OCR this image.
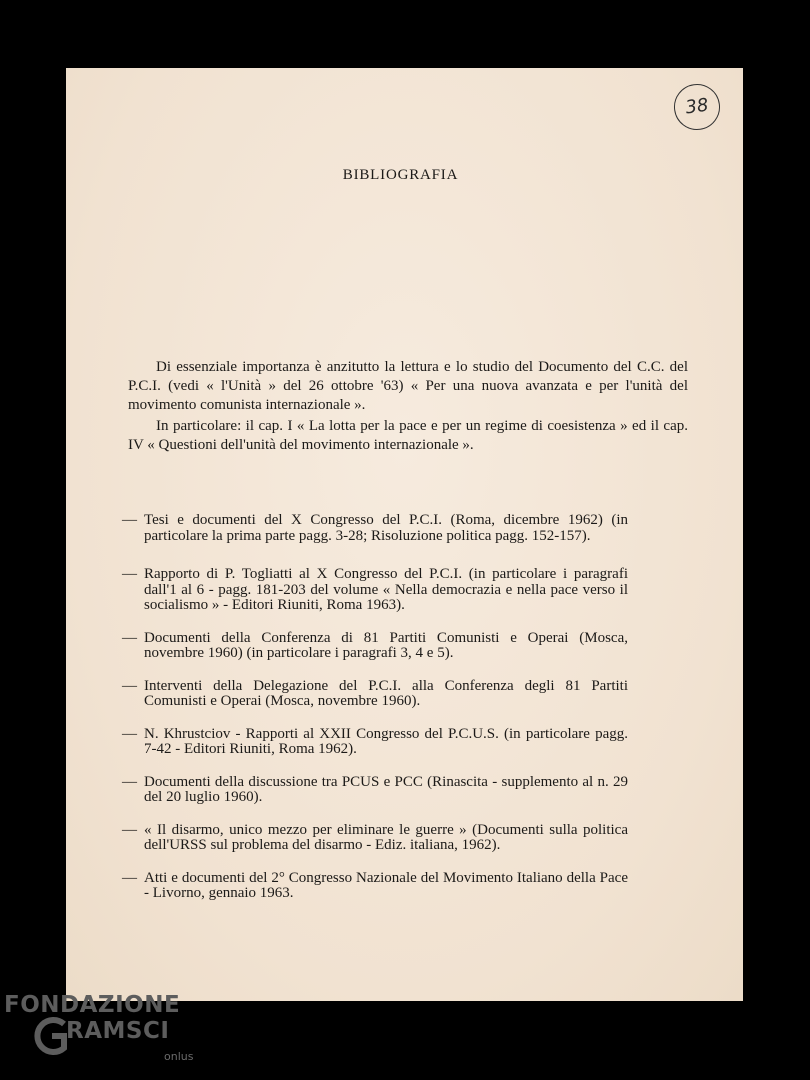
38
BIBLIOGRAFIA

Di essenziale importanza è anzitutto la lettura e lo studio del Documento del C.C. del P.C.I. (vedi « l'Unità » del 26 ottobre '63) « Per una nuova avanzata e per l'unità del movimento comunista internazionale ».

In particolare: il cap. I « La lotta per la pace e per un regime di coesistenza » ed il cap. IV « Questioni dell'unità del movimento internazionale ».

— Tesi e documenti del X Congresso del P.C.I. (Roma, dicembre 1962) (in particolare la prima parte pagg. 3-28; Risoluzione politica pagg. 152-157).
— Rapporto di P. Togliatti al X Congresso del P.C.I. (in particolare i paragrafi dall'1 al 6 - pagg. 181-203 del volume « Nella democrazia e nella pace verso il socialismo » - Editori Riuniti, Roma 1963).
— Documenti della Conferenza di 81 Partiti Comunisti e Operai (Mosca, novembre 1960) (in particolare i paragrafi 3, 4 e 5).
— Interventi della Delegazione del P.C.I. alla Conferenza degli 81 Partiti Comunisti e Operai (Mosca, novembre 1960).
— N. Khrustciov - Rapporti al XXII Congresso del P.C.U.S. (in particolare pagg. 7-42 - Editori Riuniti, Roma 1962).
— Documenti della discussione tra PCUS e PCC (Rinascita - supplemento al n. 29 del 20 luglio 1960).
— « Il disarmo, unico mezzo per eliminare le guerre » (Documenti sulla politica dell'URSS sul problema del disarmo - Ediz. italiana, 1962).
— Atti e documenti del 2° Congresso Nazionale del Movimento Italiano della Pace - Livorno, gennaio 1963.
FONDAZIONE
RAMSCI
onlus
